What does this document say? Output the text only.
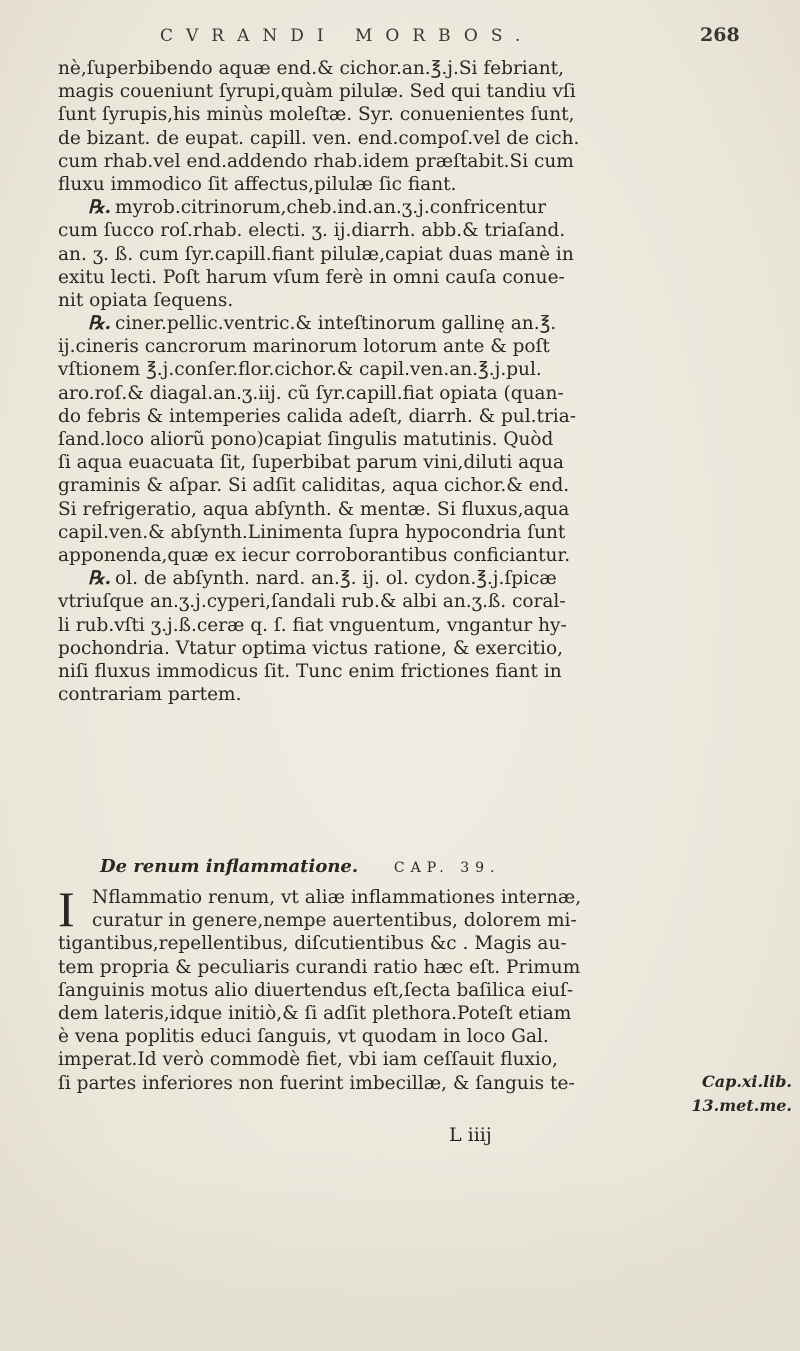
CVRANDI MORBOS.	268
nè,ſuperbibendo aquæ end.& cichor.an.℥.j.Si febriant,
magis coueniunt ſyrupi,quàm pilulæ. Sed qui tandiu vſi
ſunt ſyrupis,his minùs moleſtæ. Syr. conuenientes ſunt,
de bizant. de eupat. capill. ven. end.compoſ.vel de cich.
cum rhab.vel end.addendo rhab.idem præſtabit.Si cum
fluxu immodico ſit affectus,pilulæ ſic fiant.
℞. myrob.citrinorum,cheb.ind.an.ʒ.j.confricentur
cum ſucco roſ.rhab. electi. ʒ. ij.diarrh. abb.& triaſand.
an. ʒ. ß. cum ſyr.capill.fiant pilulæ,capiat duas manè in
exitu lecti. Poſt harum vſum ferè in omni cauſa conue-
nit opiata ſequens.
℞. ciner.pellic.ventric.& inteſtinorum gallinę an.℥.
ij.cineris cancrorum marinorum lotorum ante & poſt
vſtionem ℥.j.conſer.flor.cichor.& capil.ven.an.℥.j.pul.
aro.roſ.& diagal.an.ʒ.iij. cũ ſyr.capill.fiat opiata (quan-
do febris & intemperies calida adeſt, diarrh. & pul.tria-
ſand.loco aliorũ pono)capiat ſingulis matutinis. Quòd
ſi aqua euacuata ſit, ſuperbibat parum vini,diluti aqua
graminis & aſpar. Si adſit caliditas, aqua cichor.& end.
Si refrigeratio, aqua abſynth. & mentæ. Si fluxus,aqua
capil.ven.& abſynth.Linimenta ſupra hypocondria ſunt
apponenda,quæ ex iecur corroborantibus conficiantur.
℞. ol. de abſynth. nard. an.℥. ij. ol. cydon.℥.j.ſpicæ
vtriuſque an.ʒ.j.cyperi,ſandali rub.& albi an.ʒ.ß. coral-
li rub.vſti ʒ.j.ß.ceræ q. ſ. fiat vnguentum, vngantur hy-
pochondria. Vtatur optima victus ratione, & exercitio,
niſi fluxus immodicus ſit. Tunc enim frictiones fiant in
contrariam partem.
De renum inflammatione.	CAP. 39.
I Nflammatio renum, vt aliæ inflammationes internæ,
curatur in genere,nempe auertentibus, dolorem mi-
tigantibus,repellentibus, diſcutientibus &c . Magis au-
tem propria & peculiaris curandi ratio hæc eſt. Primum
ſanguinis motus alio diuertendus eſt,ſecta baſilica eiuſ-
dem lateris,idque initiò,& ſi adſit plethora.Poteſt etiam
è vena poplitis educi ſanguis, vt quodam in loco Gal.
imperat.Id verò commodè fiet, vbi iam ceſſauit fluxio,
ſi partes inferiores non fuerint imbecillæ, & ſanguis te-	Cap.xi.lib.
13.met.me.
L iiij
